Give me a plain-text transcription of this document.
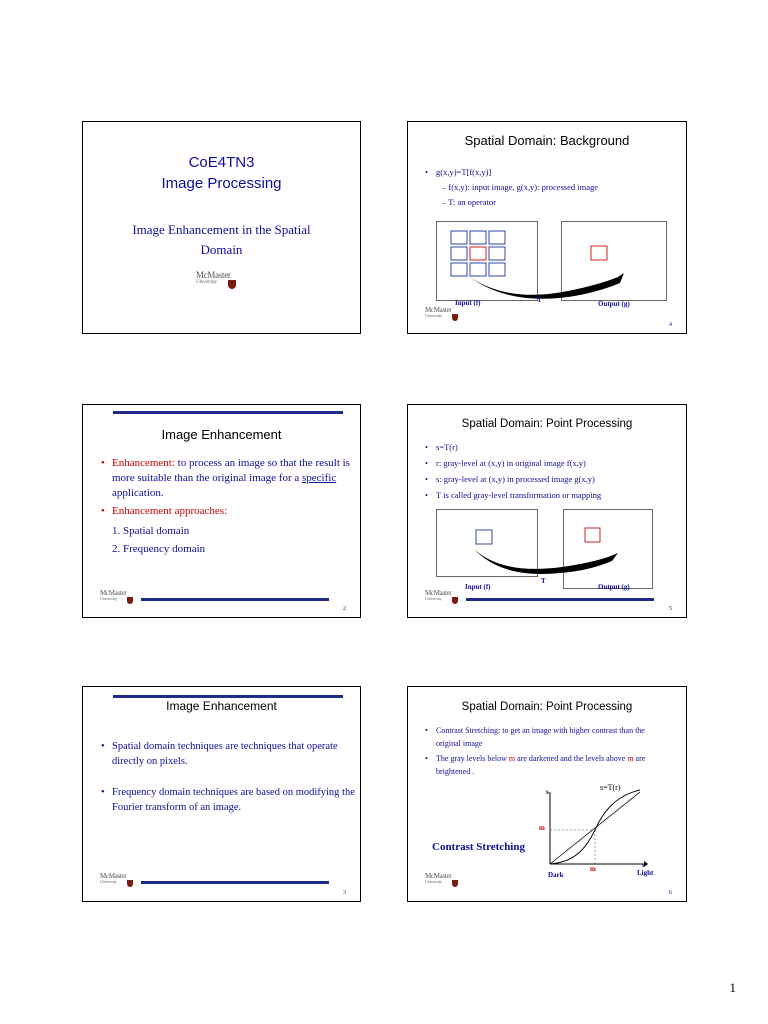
CoE4TN3
Image Processing
Image Enhancement in the Spatial
Domain
McMaster
University
Image Enhancement
• Enhancement: to process an image so that the result is more suitable than the original image for a specific application.
• Enhancement approaches:
1. Spatial domain
2. Frequency domain
McMaster
University
2
Image Enhancement
• Spatial domain techniques are techniques that operate directly on pixels.
• Frequency domain techniques are based on modifying the Fourier transform of an image.
McMaster
University
3
Spatial Domain: Background
• g(x,y)=T[f(x,y)]
– f(x,y): input image, g(x,y): processed image
– T: an operator
Input (f)	T	Output (g)
McMaster
University
4
Spatial Domain: Point Processing
• s=T(r)
• r: gray-level at (x,y) in original image f(x,y)
• s: gray-level at (x,y) in processed image g(x,y)
• T is called gray-level transformation or mapping
Input (f)
T
Output (g)
McMaster
University
5
Spatial Domain: Point Processing
• Contrast Stretching: to get an image with higher contrast than the original image
• The gray levels below m are darkened and the levels above m are brightened .
s	s=T(r)
m
m	r
Dark	Light
Contrast Stretching
McMaster
University
6
1
